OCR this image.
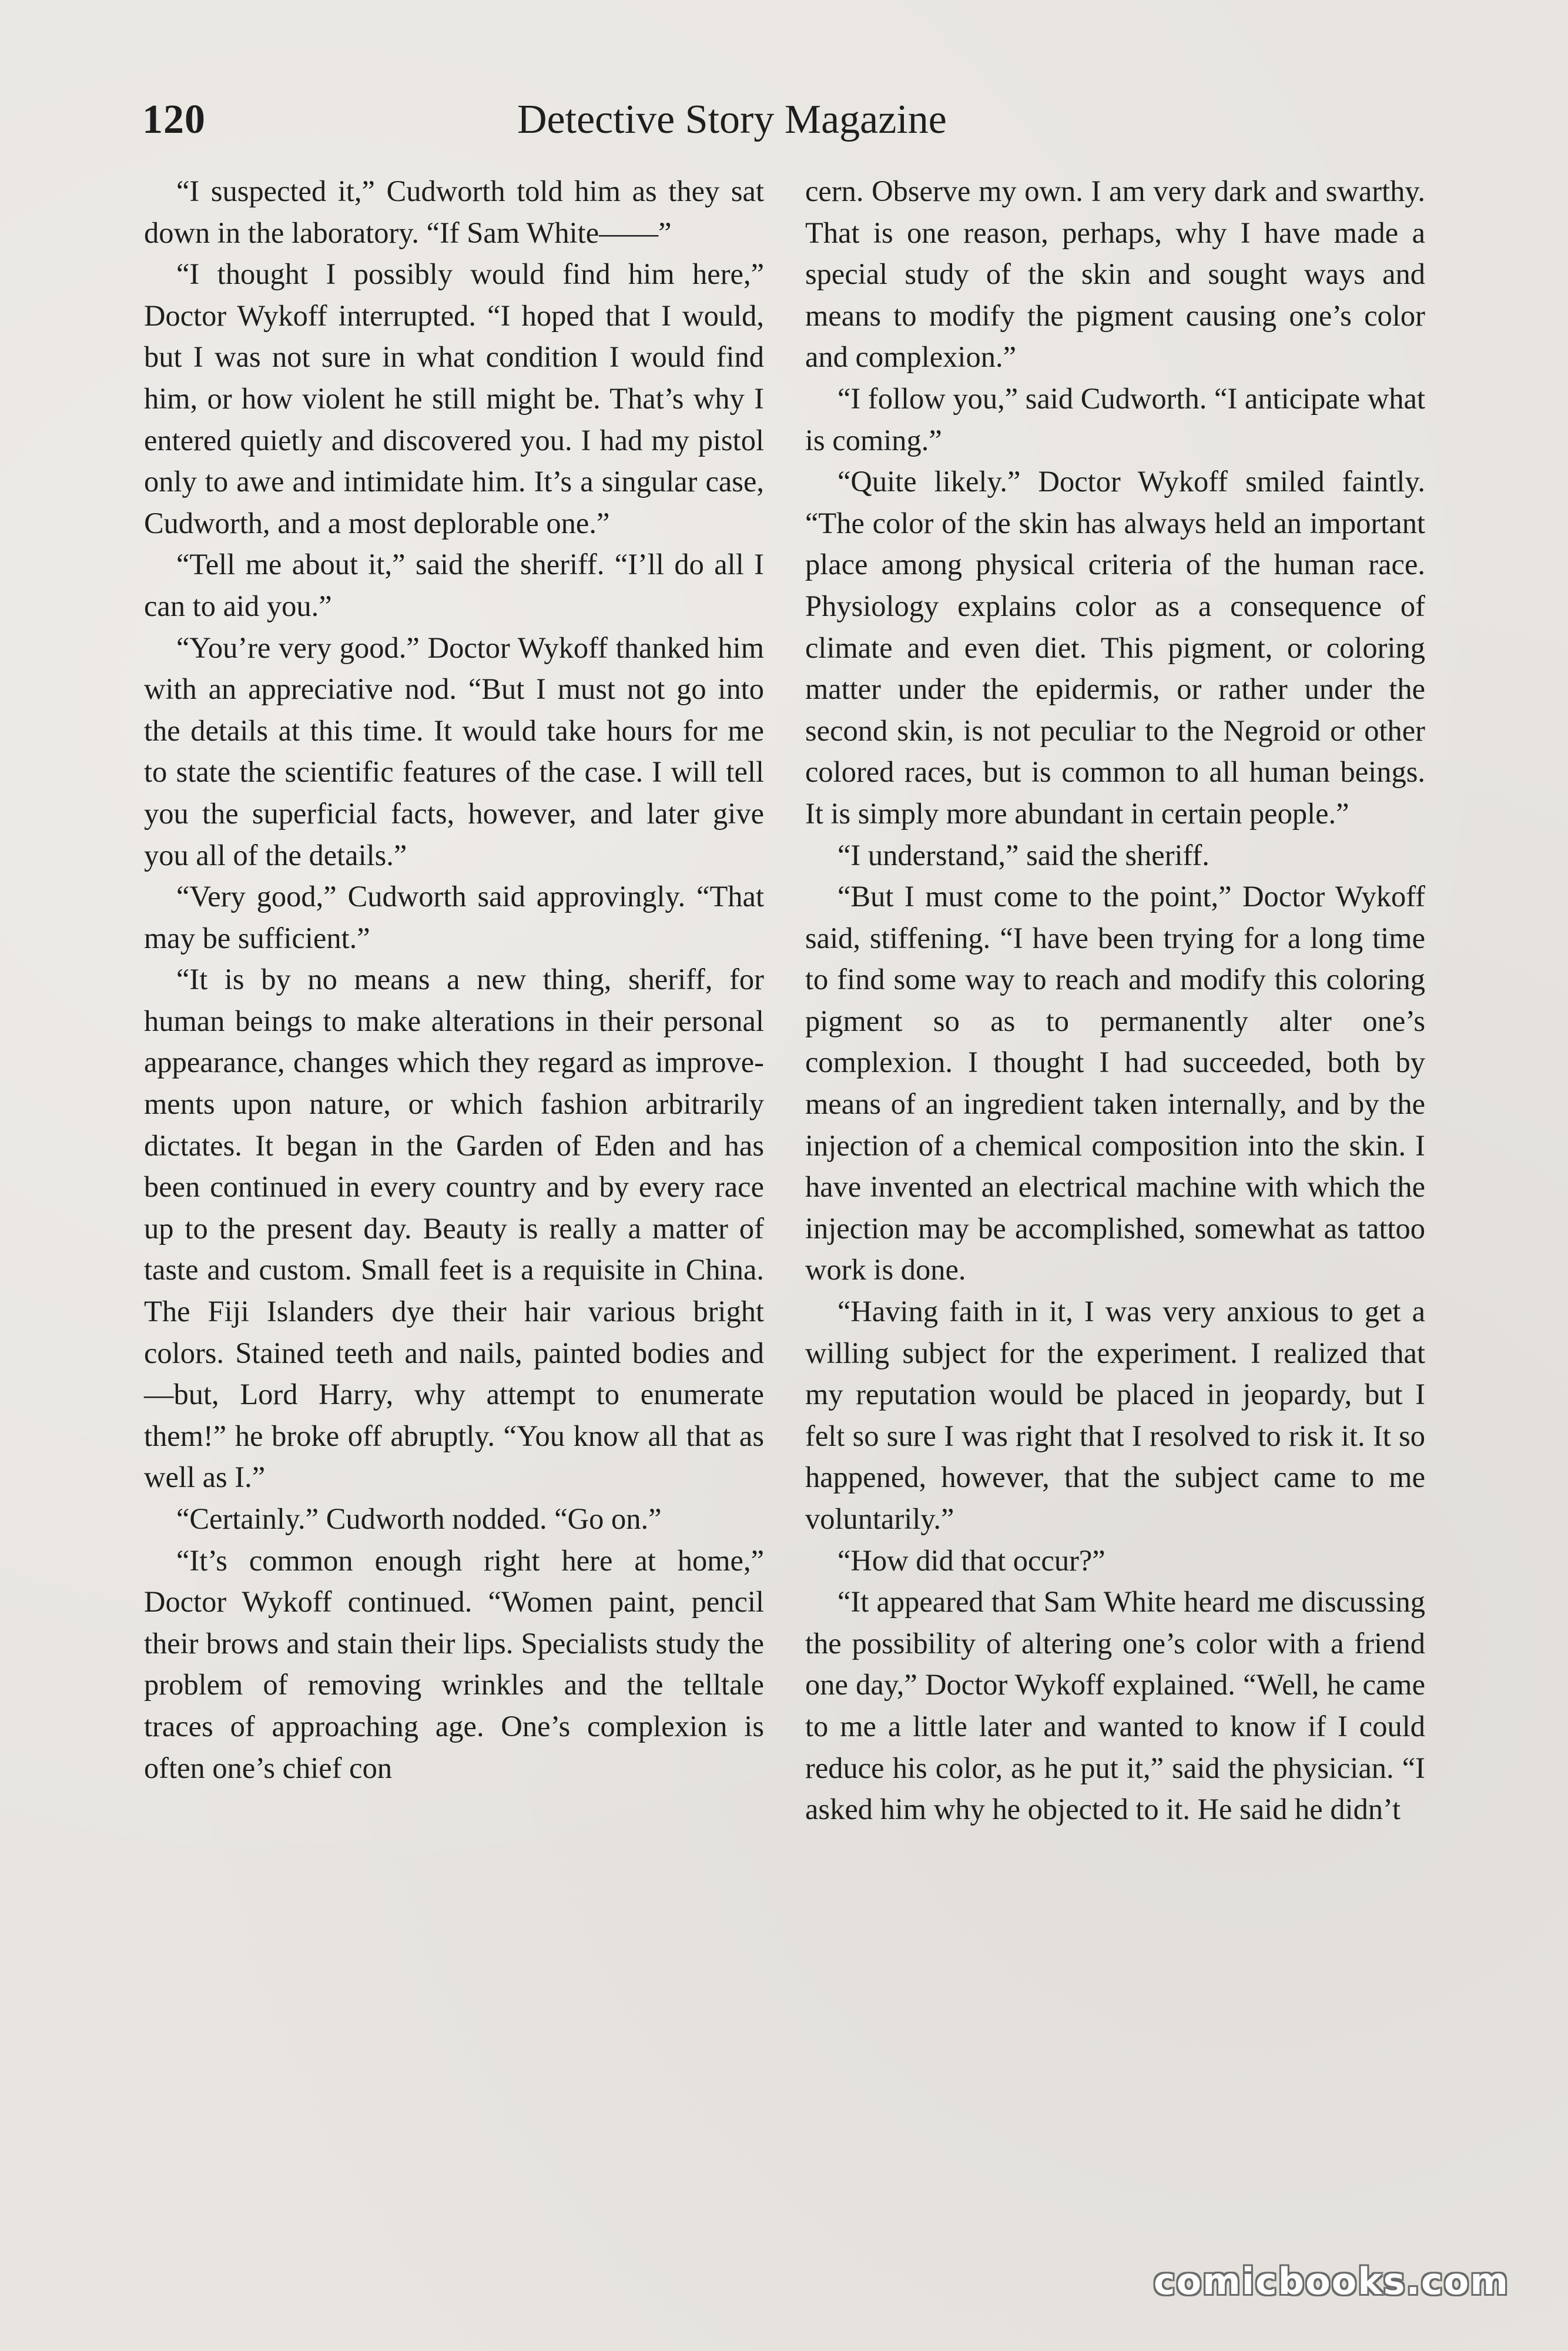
120	Detective Story Magazine

“I suspected it,” Cudworth told him as they sat down in the laboratory. “If Sam White——”

“I thought I possibly would find him here,” Doctor Wykoff interrupted. “I hoped that I would, but I was not sure in what condition I would find him, or how violent he still might be. That’s why I entered quietly and discovered you. I had my pistol only to awe and intimidate him. It’s a singular case, Cudworth, and a most deplorable one.”

“Tell me about it,” said the sheriff. “I’ll do all I can to aid you.”

“You’re very good.” Doctor Wykoff thanked him with an appreciative nod. “But I must not go into the details at this time. It would take hours for me to state the scientific features of the case. I will tell you the superficial facts, however, and later give you all of the details.”

“Very good,” Cudworth said approvingly. “That may be sufficient.”

“It is by no means a new thing, sheriff, for human beings to make alterations in their personal appearance, changes which they regard as improvements upon nature, or which fashion arbitrarily dictates. It began in the Garden of Eden and has been continued in every country and by every race up to the present day. Beauty is really a matter of taste and custom. Small feet is a requisite in China. The Fiji Islanders dye their hair various bright colors. Stained teeth and nails, painted bodies and—but, Lord Harry, why attempt to enumerate them!” he broke off abruptly. “You know all that as well as I.”

“Certainly.” Cudworth nodded. “Go on.”

“It’s common enough right here at home,” Doctor Wykoff continued. “Women paint, pencil their brows and stain their lips. Specialists study the problem of removing wrinkles and the telltale traces of approaching age. One’s complexion is often one’s chief con

cern. Observe my own. I am very dark and swarthy. That is one reason, perhaps, why I have made a special study of the skin and sought ways and means to modify the pigment causing one’s color and complexion.”

“I follow you,” said Cudworth. “I anticipate what is coming.”

“Quite likely.” Doctor Wykoff smiled faintly. “The color of the skin has always held an important place among physical criteria of the human race. Physiology explains color as a consequence of climate and even diet. This pigment, or coloring matter under the epidermis, or rather under the second skin, is not peculiar to the Negroid or other colored races, but is common to all human beings. It is simply more abundant in certain people.”

“I understand,” said the sheriff.

“But I must come to the point,” Doctor Wykoff said, stiffening. “I have been trying for a long time to find some way to reach and modify this coloring pigment so as to permanently alter one’s complexion. I thought I had succeeded, both by means of an ingredient taken internally, and by the injection of a chemical composition into the skin. I have invented an electrical machine with which the injection may be accomplished, somewhat as tattoo work is done.

“Having faith in it, I was very anxious to get a willing subject for the experiment. I realized that my reputation would be placed in jeopardy, but I felt so sure I was right that I resolved to risk it. It so happened, however, that the subject came to me voluntarily.”

“How did that occur?”

“It appeared that Sam White heard me discussing the possibility of altering one’s color with a friend one day,” Doctor Wykoff explained. “Well, he came to me a little later and wanted to know if I could reduce his color, as he put it,” said the physician. “I asked him why he objected to it. He said he didn’t

comicbooks.com
